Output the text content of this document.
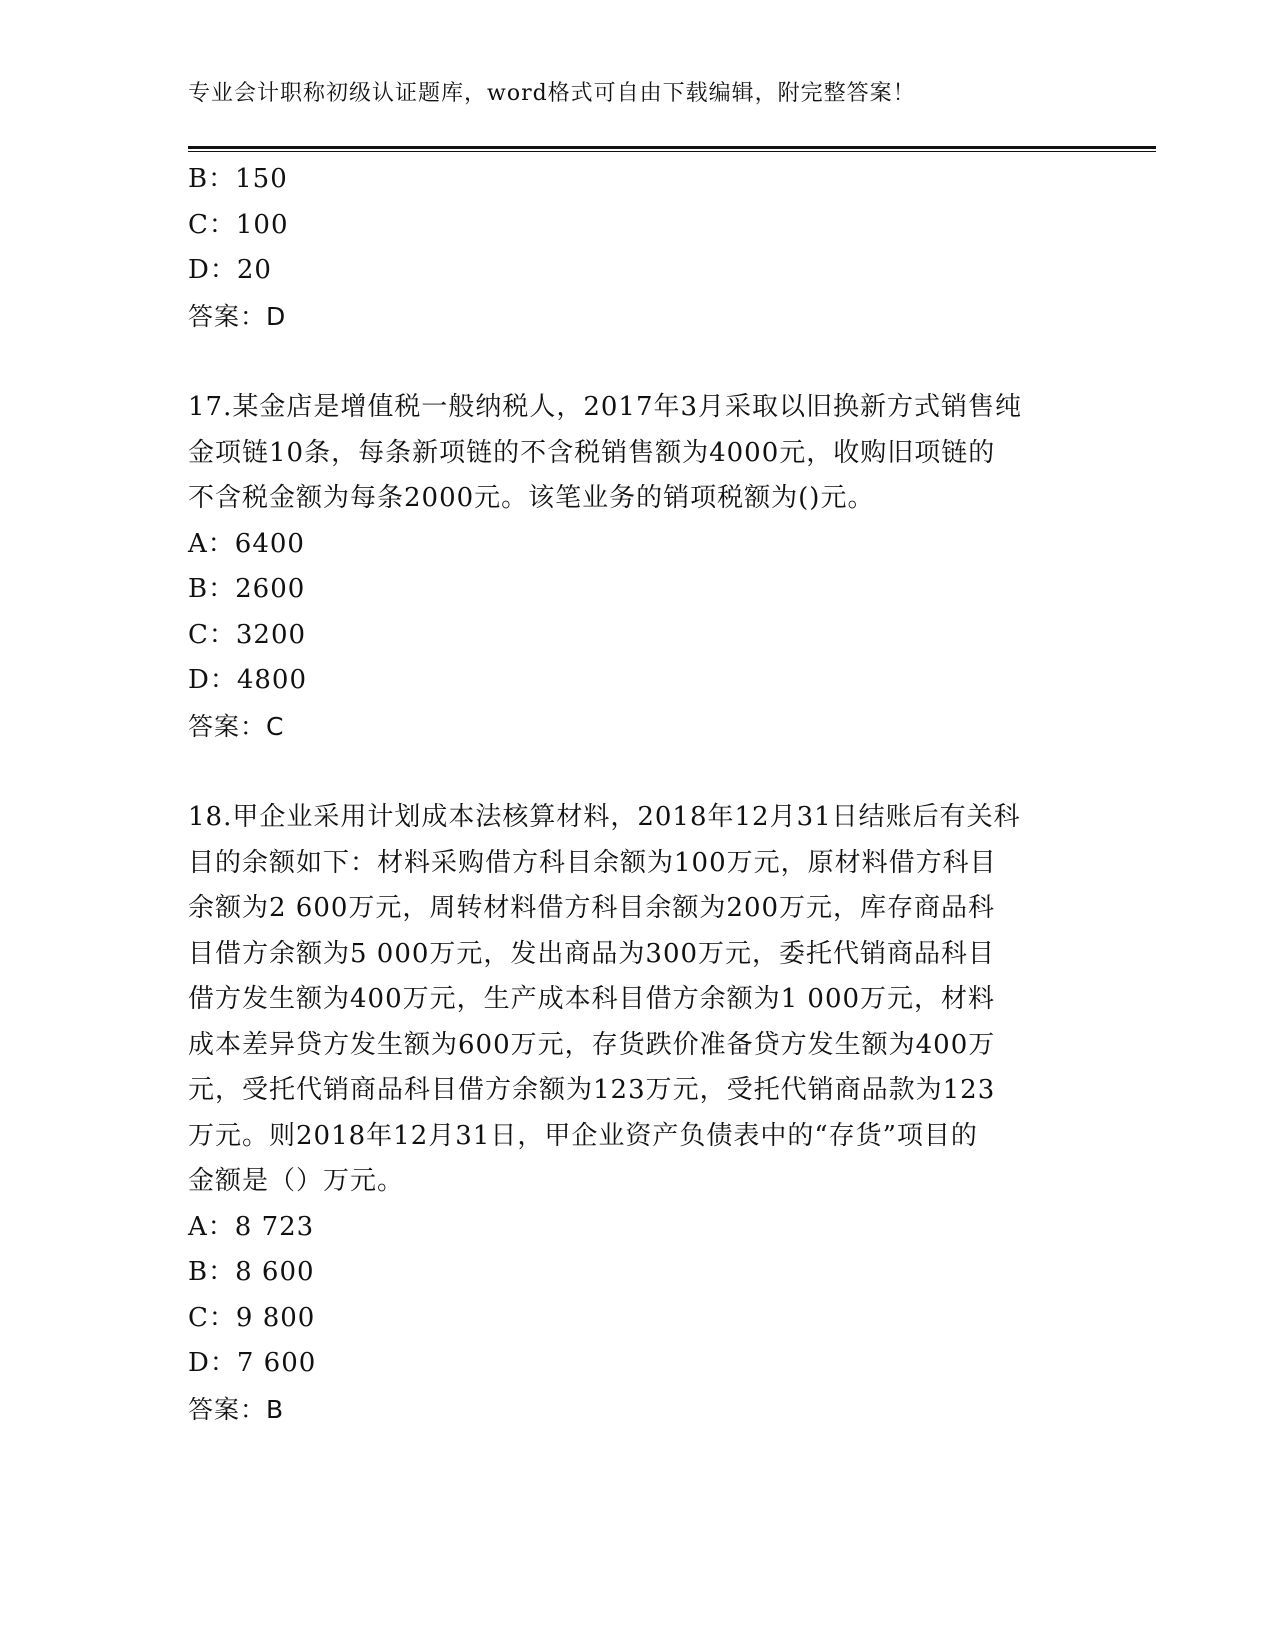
专业会计职称初级认证题库，word格式可自由下载编辑，附完整答案！
B：150
C：100
D：20
答案：D
17.某金店是增值税一般纳税人，2017年3月采取以旧换新方式销售纯
金项链10条，每条新项链的不含税销售额为4000元，收购旧项链的
不含税金额为每条2000元。该笔业务的销项税额为()元。
A：6400
B：2600
C：3200
D：4800
答案：C
18.甲企业采用计划成本法核算材料，2018年12月31日结账后有关科
目的余额如下：材料采购借方科目余额为100万元，原材料借方科目
余额为2 600万元，周转材料借方科目余额为200万元，库存商品科
目借方余额为5 000万元，发出商品为300万元，委托代销商品科目
借方发生额为400万元，生产成本科目借方余额为1 000万元，材料
成本差异贷方发生额为600万元，存货跌价准备贷方发生额为400万
元，受托代销商品科目借方余额为123万元，受托代销商品款为123
万元。则2018年12月31日，甲企业资产负债表中的“存货”项目的
金额是（）万元。
A：8 723
B：8 600
C：9 800
D：7 600
答案：B
